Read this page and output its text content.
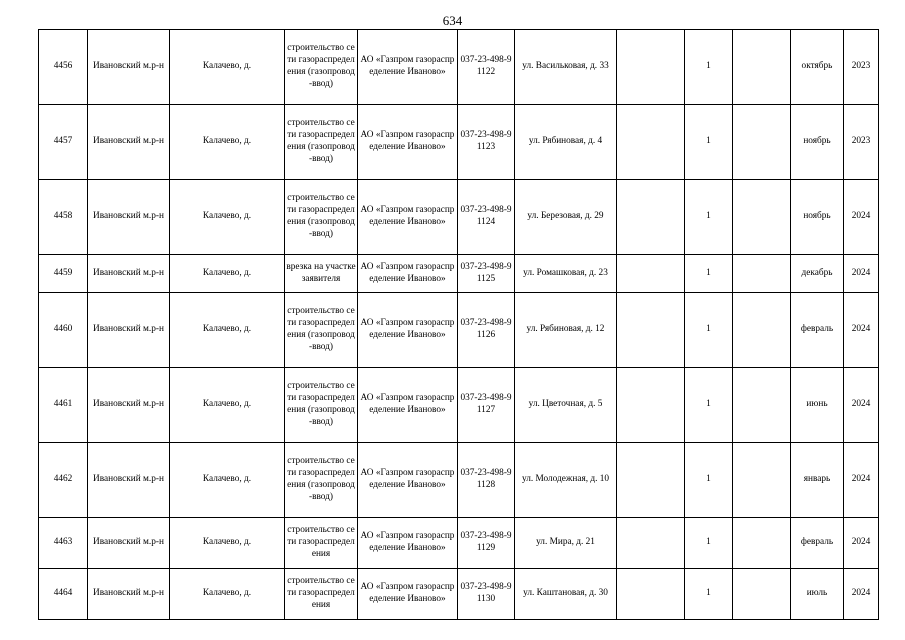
634
4456	Ивановский м.р-н	Калачево, д.	строительство сети газораспределения (газопровод-ввод)	АО «Газпром газораспределение Иваново»	037-23-498-91122	ул. Васильковая, д. 33		1		октябрь	2023
4457	Ивановский м.р-н	Калачево, д.	строительство сети газораспределения (газопровод-ввод)	АО «Газпром газораспределение Иваново»	037-23-498-91123	ул. Рябиновая, д. 4		1		ноябрь	2023
4458	Ивановский м.р-н	Калачево, д.	строительство сети газораспределения (газопровод-ввод)	АО «Газпром газораспределение Иваново»	037-23-498-91124	ул. Березовая, д. 29		1		ноябрь	2024
4459	Ивановский м.р-н	Калачево, д.	врезка на участке заявителя	АО «Газпром газораспределение Иваново»	037-23-498-91125	ул. Ромашковая, д. 23		1		декабрь	2024
4460	Ивановский м.р-н	Калачево, д.	строительство сети газораспределения (газопровод-ввод)	АО «Газпром газораспределение Иваново»	037-23-498-91126	ул. Рябиновая, д. 12		1		февраль	2024
4461	Ивановский м.р-н	Калачево, д.	строительство сети газораспределения (газопровод-ввод)	АО «Газпром газораспределение Иваново»	037-23-498-91127	ул. Цветочная, д. 5		1		июнь	2024
4462	Ивановский м.р-н	Калачево, д.	строительство сети газораспределения (газопровод-ввод)	АО «Газпром газораспределение Иваново»	037-23-498-91128	ул. Молодежная, д. 10		1		январь	2024
4463	Ивановский м.р-н	Калачево, д.	строительство сети газораспределения	АО «Газпром газораспределение Иваново»	037-23-498-91129	ул. Мира, д. 21		1		февраль	2024
4464	Ивановский м.р-н	Калачево, д.	строительство сети газораспределения	АО «Газпром газораспределение Иваново»	037-23-498-91130	ул. Каштановая, д. 30		1		июль	2024
